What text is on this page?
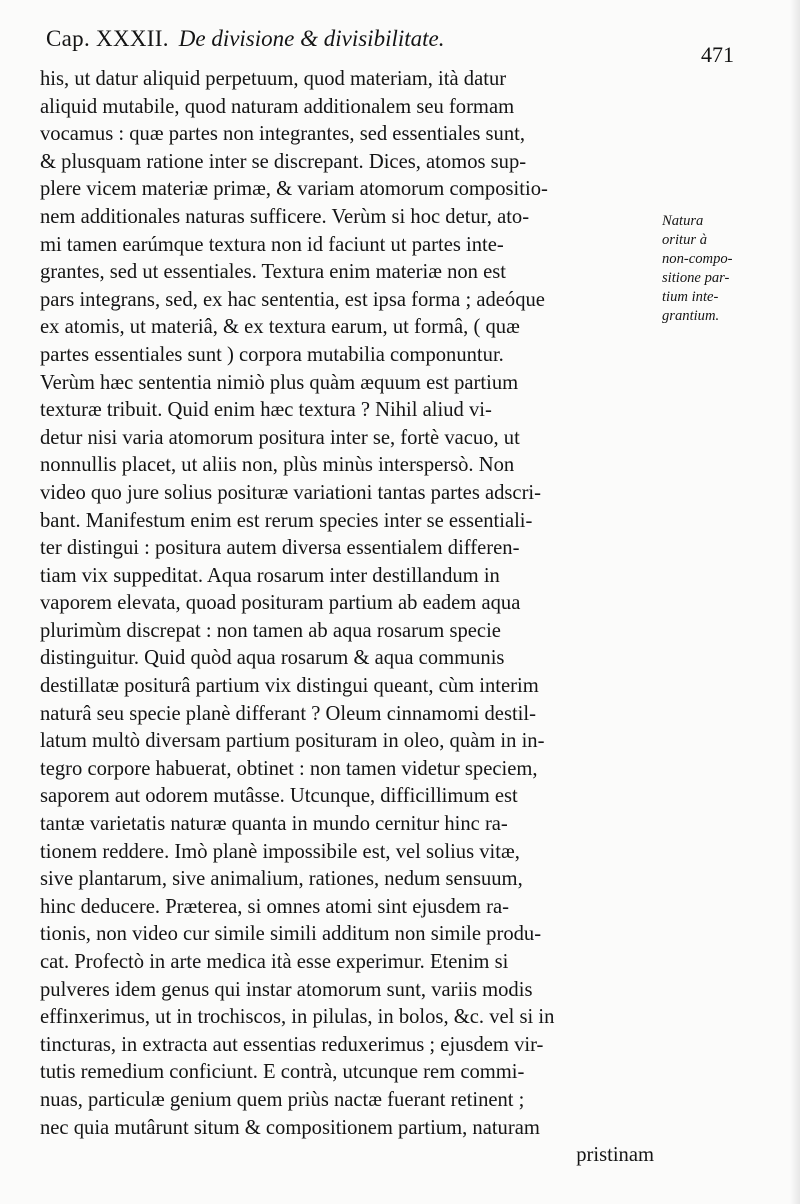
Cap. XXXII. De divisione & divisibilitate.
471
his, ut datur aliquid perpetuum, quod materiam, ità datur
aliquid mutabile, quod naturam additionalem seu formam
vocamus : quæ partes non integrantes, sed essentiales sunt,
& plusquam ratione inter se discrepant. Dices, atomos sup-
plere vicem materiæ primæ, & variam atomorum compositio-
nem additionales naturas sufficere. Verùm si hoc detur, ato-
mi tamen earúmque textura non id faciunt ut partes inte-
grantes, sed ut essentiales. Textura enim materiæ non est
pars integrans, sed, ex hac sententia, est ipsa forma ; adeóque
ex atomis, ut materiâ, & ex textura earum, ut formâ, ( quæ
partes essentiales sunt ) corpora mutabilia componuntur.
Verùm hæc sententia nimiò plus quàm æquum est partium
texturæ tribuit. Quid enim hæc textura ? Nihil aliud vi-
detur nisi varia atomorum positura inter se, fortè vacuo, ut
nonnullis placet, ut aliis non, plùs minùs interspersò. Non
video quo jure solius posituræ variationi tantas partes adscri-
bant. Manifestum enim est rerum species inter se essentiali-
ter distingui : positura autem diversa essentialem differen-
tiam vix suppeditat. Aqua rosarum inter destillandum in
vaporem elevata, quoad posituram partium ab eadem aqua
plurimùm discrepat : non tamen ab aqua rosarum specie
distinguitur. Quid quòd aqua rosarum & aqua communis
destillatæ positurâ partium vix distingui queant, cùm interim
naturâ seu specie planè differant ? Oleum cinnamomi destil-
latum multò diversam partium posituram in oleo, quàm in in-
tegro corpore habuerat, obtinet : non tamen videtur speciem,
saporem aut odorem mutâsse. Utcunque, difficillimum est
tantæ varietatis naturæ quanta in mundo cernitur hinc ra-
tionem reddere. Imò planè impossibile est, vel solius vitæ,
sive plantarum, sive animalium, rationes, nedum sensuum,
hinc deducere. Præterea, si omnes atomi sint ejusdem ra-
tionis, non video cur simile simili additum non simile produ-
cat. Profectò in arte medica ità esse experimur. Etenim si
pulveres idem genus qui instar atomorum sunt, variis modis
effinxerimus, ut in trochiscos, in pilulas, in bolos, &c. vel si in
tincturas, in extracta aut essentias reduxerimus ; ejusdem vir-
tutis remedium conficiunt. E contrà, utcunque rem commi-
nuas, particulæ genium quem priùs nactæ fuerant retinent ;
nec quia mutârunt situm & compositionem partium, naturam
pristinam
Natura
oritur à
non-compo-
sitione par-
tium inte-
grantium.
